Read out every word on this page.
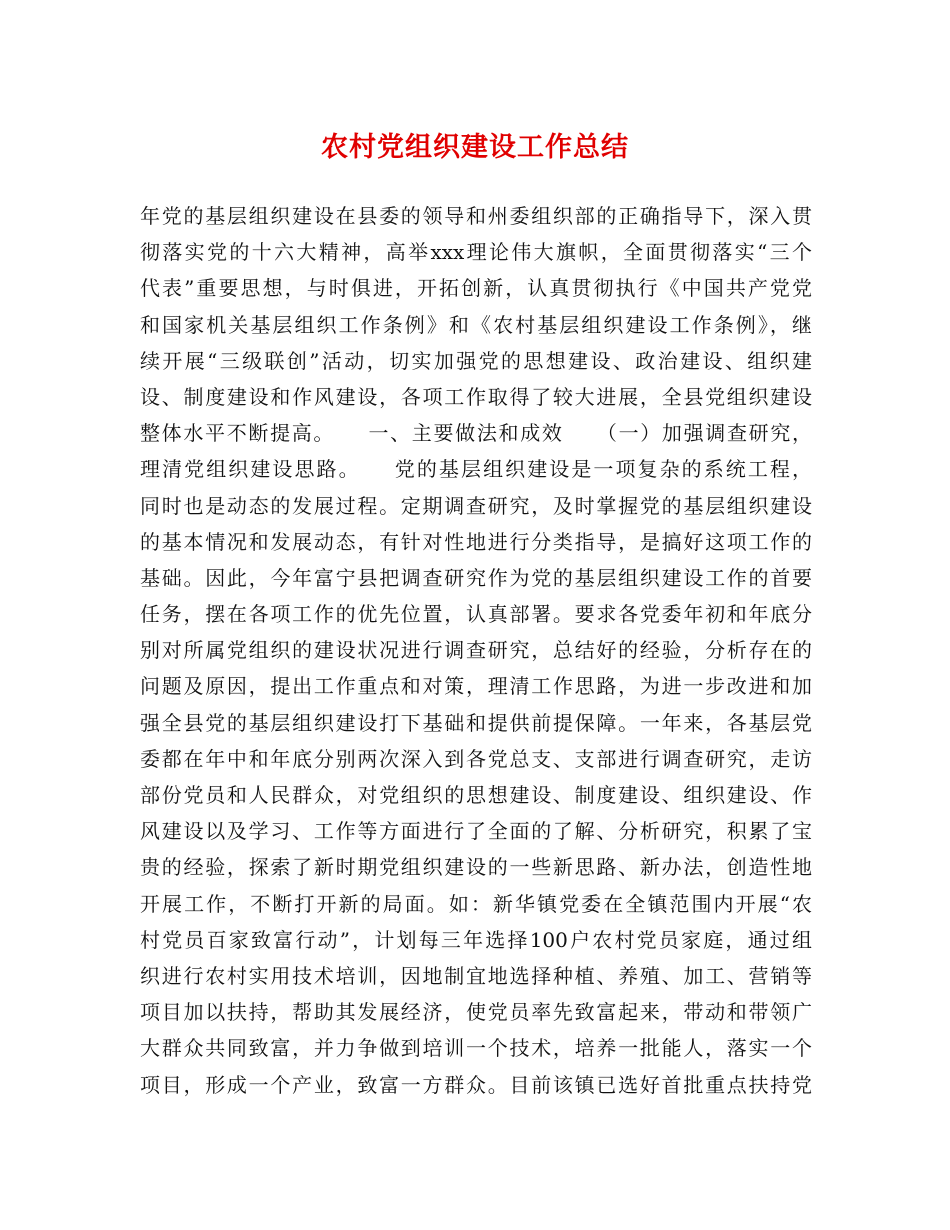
农村党组织建设工作总结
年党的基层组织建设在县委的领导和州委组织部的正确指导下，深入贯
彻落实党的十六大精神，高举xxx理论伟大旗帜，全面贯彻落实“三个
代表”重要思想，与时俱进，开拓创新，认真贯彻执行《中国共产党党
和国家机关基层组织工作条例》和《农村基层组织建设工作条例》，继
续开展“三级联创”活动，切实加强党的思想建设、政治建设、组织建
设、制度建设和作风建设，各项工作取得了较大进展，全县党组织建设
整体水平不断提高。　　一、主要做法和成效　　（一）加强调查研究，
理清党组织建设思路。　　党的基层组织建设是一项复杂的系统工程，
同时也是动态的发展过程。定期调查研究，及时掌握党的基层组织建设
的基本情况和发展动态，有针对性地进行分类指导，是搞好这项工作的
基础。因此，今年富宁县把调查研究作为党的基层组织建设工作的首要
任务，摆在各项工作的优先位置，认真部署。要求各党委年初和年底分
别对所属党组织的建设状况进行调查研究，总结好的经验，分析存在的
问题及原因，提出工作重点和对策，理清工作思路，为进一步改进和加
强全县党的基层组织建设打下基础和提供前提保障。一年来，各基层党
委都在年中和年底分别两次深入到各党总支、支部进行调查研究，走访
部份党员和人民群众，对党组织的思想建设、制度建设、组织建设、作
风建设以及学习、工作等方面进行了全面的了解、分析研究，积累了宝
贵的经验，探索了新时期党组织建设的一些新思路、新办法，创造性地
开展工作，不断打开新的局面。如：新华镇党委在全镇范围内开展“农
村党员百家致富行动”，计划每三年选择100户农村党员家庭，通过组
织进行农村实用技术培训，因地制宜地选择种植、养殖、加工、营销等
项目加以扶持，帮助其发展经济，使党员率先致富起来，带动和带领广
大群众共同致富，并力争做到培训一个技术，培养一批能人，落实一个
项目，形成一个产业，致富一方群众。目前该镇已选好首批重点扶持党
